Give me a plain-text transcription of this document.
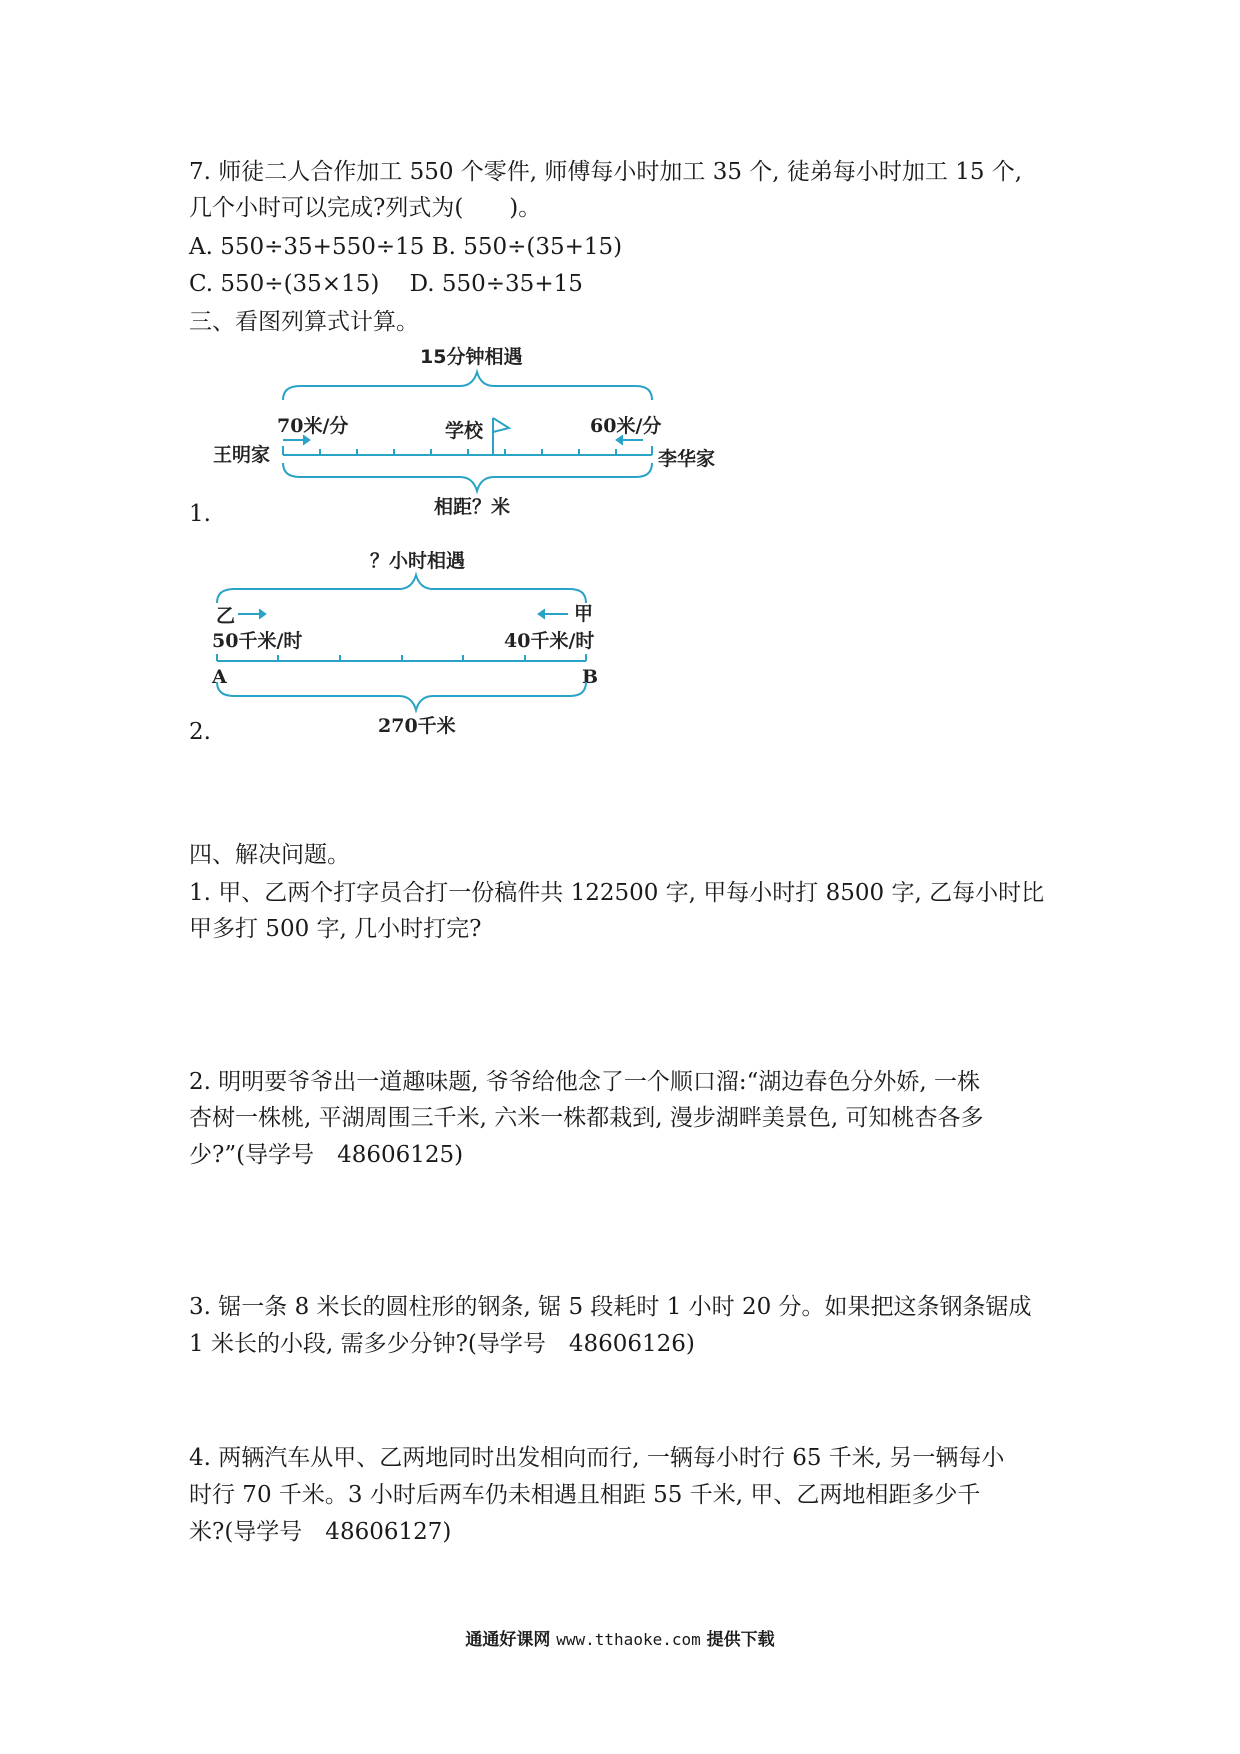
7. 师徒二人合作加工 550 个零件, 师傅每小时加工 35 个, 徒弟每小时加工 15 个,
几个小时可以完成?列式为(　　)。
A. 550÷35+550÷15 B. 550÷(35+15)
C. 550÷(35×15)　 D. 550÷35+15
三、看图列算式计算。
15分钟相遇
70米/分	学校	60米/分
王明家	李华家
相距？米
？小时相遇
乙	甲
50千米/时	40千米/时
A	B
270千米
1.
2.
四、解决问题。
1. 甲、乙两个打字员合打一份稿件共 122500 字, 甲每小时打 8500 字, 乙每小时比
甲多打 500 字, 几小时打完?
2. 明明要爷爷出一道趣味题, 爷爷给他念了一个顺口溜:“湖边春色分外娇, 一株
杏树一株桃, 平湖周围三千米, 六米一株都栽到, 漫步湖畔美景色, 可知桃杏各多
少?”(导学号　48606125)
3. 锯一条 8 米长的圆柱形的钢条, 锯 5 段耗时 1 小时 20 分。如果把这条钢条锯成
1 米长的小段, 需多少分钟?(导学号　48606126)
4. 两辆汽车从甲、乙两地同时出发相向而行, 一辆每小时行 65 千米, 另一辆每小
时行 70 千米。3 小时后两车仍未相遇且相距 55 千米, 甲、乙两地相距多少千
米?(导学号　48606127)
通通好课网 www.tthaoke.com 提供下载
